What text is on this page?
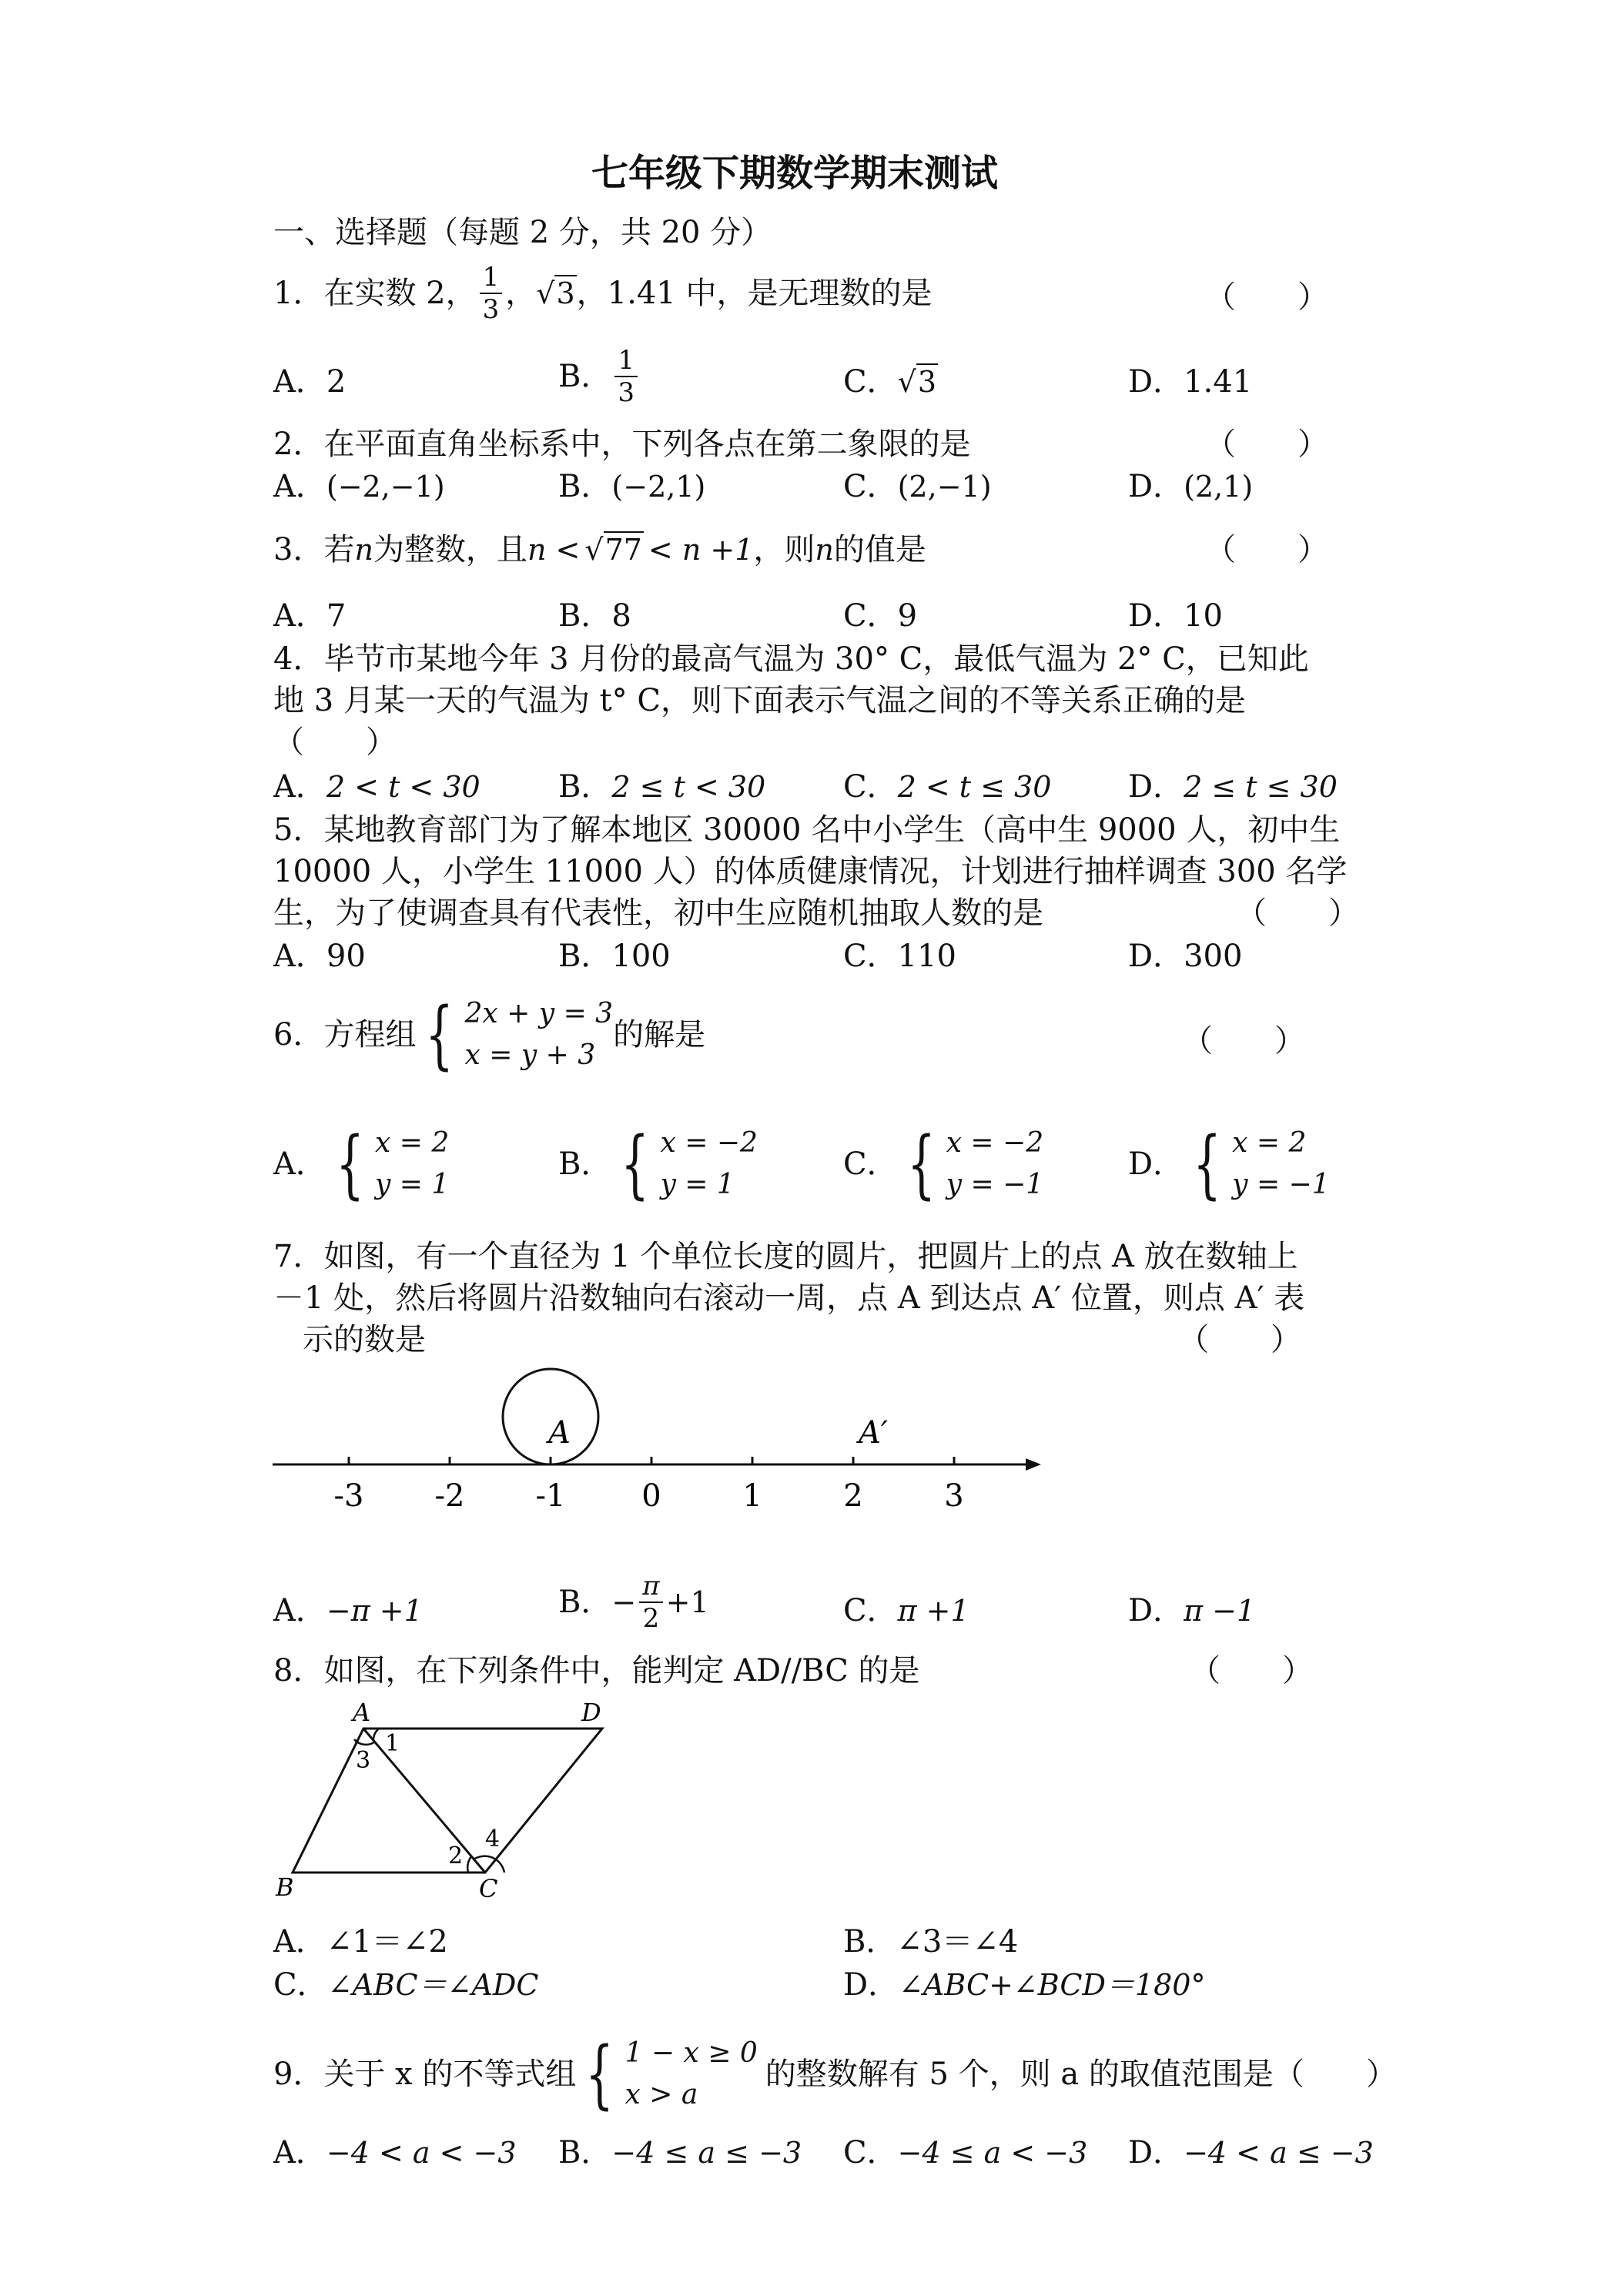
七年级下期数学期末测试
一、选择题（每题 2 分，共 20 分）
1．在实数 2， $\frac{1}{3}$ ， √3 ，1.41 中，是无理数的是	（　　）
A．2	B． $\frac{1}{3}$	C．√3	D．1.41
2．在平面直角坐标系中，下列各点在第二象限的是	（　　）
A．(−2,−1)	B．(−2,1)	C．(2,−1)	D．(2,1)
3．若 n 为整数，且 n < √77 < n +1 ，则 n 的值是	（　　）
A．7	B．8	C．9	D．10
4．毕节市某地今年 3 月份的最高气温为 30° C，最低气温为 2° C，已知此
地 3 月某一天的气温为 t° C，则下面表示气温之间的不等关系正确的是
（　　）
A．2 < t < 30	B．2 ≤ t < 30	C．2 < t ≤ 30 D．2 ≤ t ≤ 30
5．某地教育部门为了解本地区 30000 名中小学生（高中生 9000 人，初中生
10000 人，小学生 11000 人）的体质健康情况，计划进行抽样调查 300 名学
生，为了使调查具有代表性，初中生应随机抽取人数的是	（　　）
A．90	B．100	C．110	D．300
6．方程组 { 2x + y = 3
x = y + 3
的解是	（　　）
A． { x = 2
y = 1
B． { x = −2
y = 1
C． { x = −2
y = −1
D． { x = 2
y = −1
7．如图，有一个直径为 1 个单位长度的圆片，把圆片上的点 A 放在数轴上
－1 处，然后将圆片沿数轴向右滚动一周，点 A 到达点 A′ 位置，则点 A′ 表
示的数是	（　　）
-3 -2 -1 0	1	2	3
A	A′
A．−π +1	B． − $\frac{\pi}{2} +1$	C．π +1	D．π −1
8．如图，在下列条件中，能判定 AD//BC 的是	（　　）
A	D
B	C
1
3
2
4
A．∠1＝∠2	B．∠3＝∠4
C．∠ABC＝∠ADC	D．∠ABC+∠BCD＝180°
9．关于 x 的不等式组 { 1 − x ≥ 0
x > a
的整数解有 5 个，则 a 的取值范围是（ ）
A．−4 < a < −3 B．−4 ≤ a ≤ −3 C．−4 ≤ a < −3 D．−4 < a ≤ −3
